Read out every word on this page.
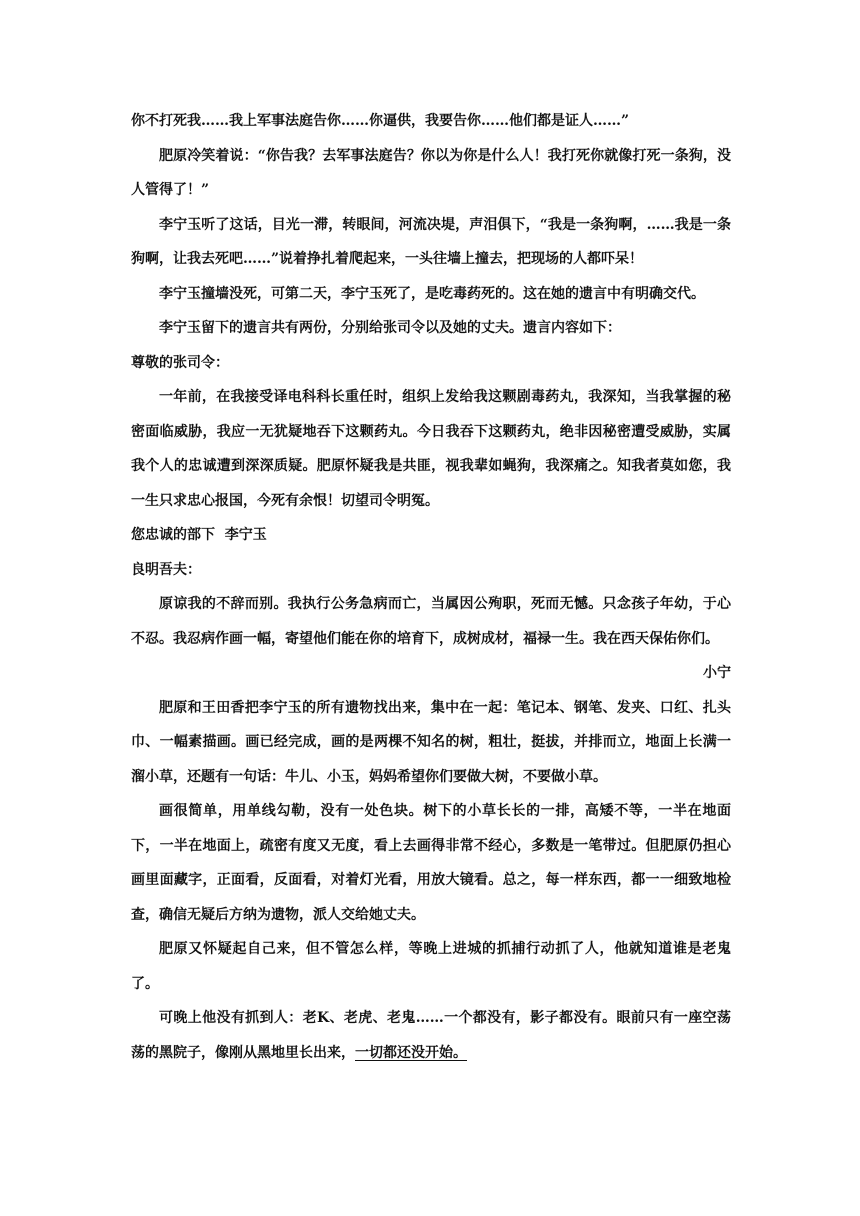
你不打死我……我上军事法庭告你……你逼供，我要告你……他们都是证人……”

肥原冷笑着说：“你告我？去军事法庭告？你以为你是什么人！我打死你就像打死一条狗，没人管得了！”

李宁玉听了这话，目光一滞，转眼间，河流决堤，声泪俱下，“我是一条狗啊，……我是一条狗啊，让我去死吧……”说着挣扎着爬起来，一头往墙上撞去，把现场的人都吓呆！

李宁玉撞墙没死，可第二天，李宁玉死了，是吃毒药死的。这在她的遗言中有明确交代。

李宁玉留下的遗言共有两份，分别给张司令以及她的丈夫。遗言内容如下：

尊敬的张司令：

一年前，在我接受译电科科长重任时，组织上发给我这颗剧毒药丸，我深知，当我掌握的秘密面临威胁，我应一无犹疑地吞下这颗药丸。今日我吞下这颗药丸，绝非因秘密遭受威胁，实属我个人的忠诚遭到深深质疑。肥原怀疑我是共匪，视我辈如蝇狗，我深痛之。知我者莫如您，我一生只求忠心报国，今死有余恨！切望司令明冤。

您忠诚的部下  李宁玉

良明吾夫：

原谅我的不辞而别。我执行公务急病而亡，当属因公殉职，死而无憾。只念孩子年幼，于心不忍。我忍病作画一幅，寄望他们能在你的培育下，成树成材，福禄一生。我在西天保佑你们。

小宁

肥原和王田香把李宁玉的所有遗物找出来，集中在一起：笔记本、钢笔、发夹、口红、扎头巾、一幅素描画。画已经完成，画的是两棵不知名的树，粗壮，挺拔，并排而立，地面上长满一溜小草，还题有一句话：牛儿、小玉，妈妈希望你们要做大树，不要做小草。

画很简单，用单线勾勒，没有一处色块。树下的小草长长的一排，高矮不等，一半在地面下，一半在地面上，疏密有度又无度，看上去画得非常不经心，多数是一笔带过。但肥原仍担心画里面藏字，正面看，反面看，对着灯光看，用放大镜看。总之，每一样东西，都一一细致地检查，确信无疑后方纳为遗物，派人交给她丈夫。

肥原又怀疑起自己来，但不管怎么样，等晚上进城的抓捕行动抓了人，他就知道谁是老鬼了。

可晚上他没有抓到人：老K、老虎、老鬼……一个都没有，影子都没有。眼前只有一座空荡荡的黑院子，像刚从黑地里长出来，一切都还没开始。
